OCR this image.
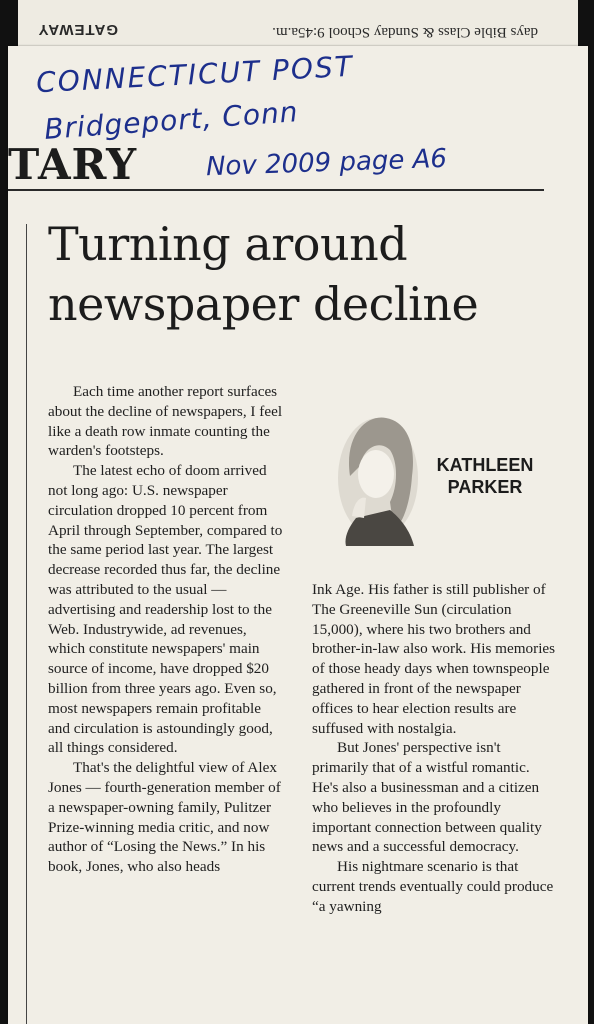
days Bible Class & Sunday School 9:45a.m.
GATEWAY
CONNECTICUT POST
Bridgeport, Conn
Nov 2009 page A6
TARY
Turning around
newspaper decline

Each time another report surfaces about the decline of newspapers, I feel like a death row inmate counting the warden's footsteps.

The latest echo of doom arrived not long ago: U.S. newspaper circulation dropped 10 percent from April through September, compared to the same period last year. The largest decrease recorded thus far, the decline was attributed to the usual — advertising and readership lost to the Web. Industrywide, ad revenues, which constitute newspapers' main source of income, have dropped $20 billion from three years ago. Even so, most newspapers remain profitable and circulation is astoundingly good, all things considered.

That's the delightful view of Alex Jones — fourth-generation member of a newspaper-owning family, Pulitzer Prize-winning media critic, and now author of “Losing the News.” In his book, Jones, who also heads

KATHLEEN
PARKER

Ink Age. His father is still publisher of The Greeneville Sun (circulation 15,000), where his two brothers and brother-in-law also work. His memories of those heady days when townspeople gathered in front of the newspaper offices to hear election results are suffused with nostalgia.

But Jones' perspective isn't primarily that of a wistful romantic. He's also a businessman and a citizen who believes in the profoundly important connection between quality news and a successful democracy.

His nightmare scenario is that current trends eventually could produce “a yawning
